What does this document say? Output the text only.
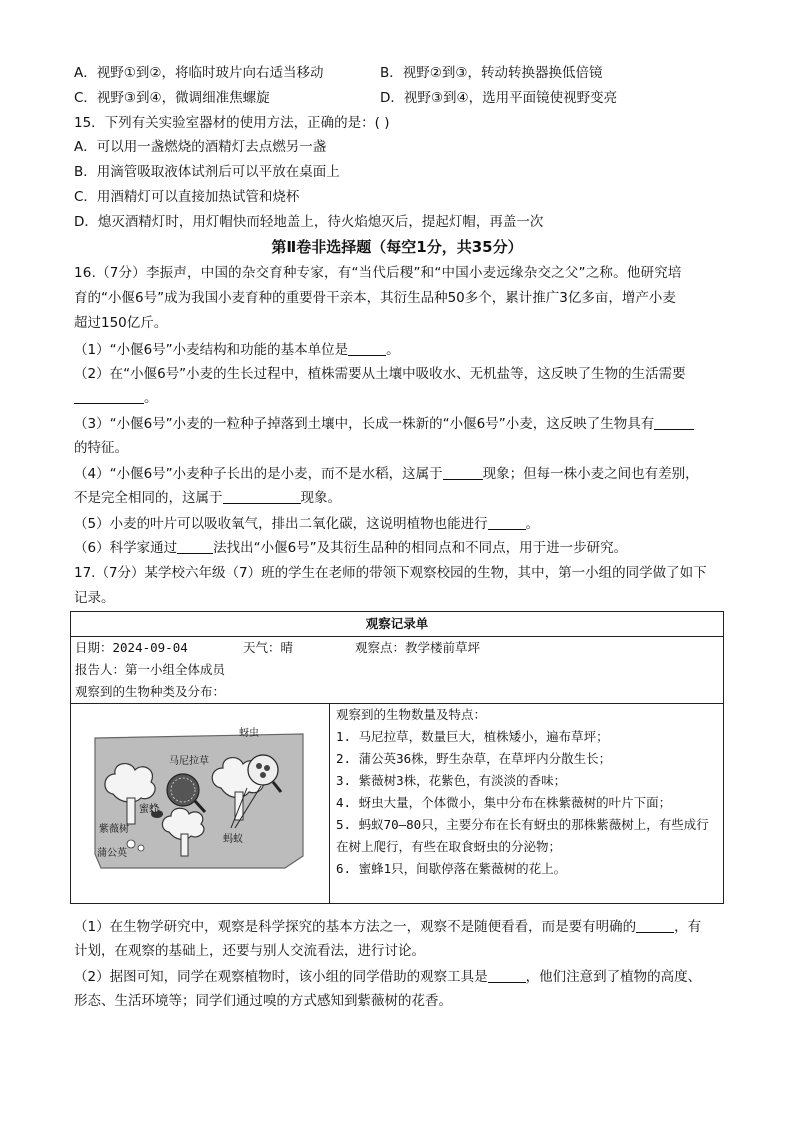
A．视野①到②，将临时玻片向右适当移动	B．视野②到③，转动转换器换低倍镜
C．视野③到④，微调细准焦螺旋	D．视野③到④，选用平面镜使视野变亮
15．下列有关实验室器材的使用方法，正确的是：( )
A．可以用一盏燃烧的酒精灯去点燃另一盏
B．用滴管吸取液体试剂后可以平放在桌面上
C．用酒精灯可以直接加热试管和烧杯
D．熄灭酒精灯时，用灯帽快而轻地盖上，待火焰熄灭后，提起灯帽，再盖一次
第Ⅱ卷非选择题（每空1分，共35分）
16.（7分）李振声，中国的杂交育种专家，有“当代后稷”和“中国小麦远缘杂交之父”之称。他研究培
育的“小偃6号”成为我国小麦育种的重要骨干亲本，其衍生品种50多个，累计推广3亿多亩，增产小麦
超过150亿斤。
（1）“小偃6号”小麦结构和功能的基本单位是	。
（2）在“小偃6号”小麦的生长过程中，植株需要从土壤中吸收水、无机盐等，这反映了生物的生活需要
。
（3）“小偃6号”小麦的一粒种子掉落到土壤中，长成一株新的“小偃6号”小麦，这反映了生物具有
的特征。
（4）“小偃6号”小麦种子长出的是小麦，而不是水稻，这属于	现象；但每一株小麦之间也有差别，
不是完全相同的，这属于	现象。
（5）小麦的叶片可以吸收氧气，排出二氧化碳，这说明植物也能进行	。
（6）科学家通过	法找出“小偃6号”及其衍生品种的相同点和不同点，用于进一步研究。
17.（7分）某学校六年级（7）班的学生在老师的带领下观察校园的生物，其中，第一小组的同学做了如下
记录。
观察记录单

日期：2024-09-04	天气：晴	观察点：教学楼前草坪
报告人：第一小组全体成员
观察到的生物种类及分布：

蚜虫
马尼拉草
蜜蜂
紫薇树
蚂蚁
蒲公英

观察到的生物数量及特点：
1. 马尼拉草，数量巨大，植株矮小，遍布草坪；
2. 蒲公英36株，野生杂草，在草坪内分散生长；
3. 紫薇树3株，花紫色，有淡淡的香味；
4. 蚜虫大量，个体微小，集中分布在株紫薇树的叶片下面；
5. 蚂蚁70—80只，主要分布在长有蚜虫的那株紫薇树上，有些成行在树上爬行，有些在取食蚜虫的分泌物；
6. 蜜蜂1只，间歇停落在紫薇树的花上。
（1）在生物学研究中，观察是科学探究的基本方法之一，观察不是随便看看，而是要有明确的	，有
计划，在观察的基础上，还要与别人交流看法，进行讨论。
（2）据图可知，同学在观察植物时，该小组的同学借助的观察工具是	，他们注意到了植物的高度、
形态、生活环境等；同学们通过嗅的方式感知到紫薇树的花香。
